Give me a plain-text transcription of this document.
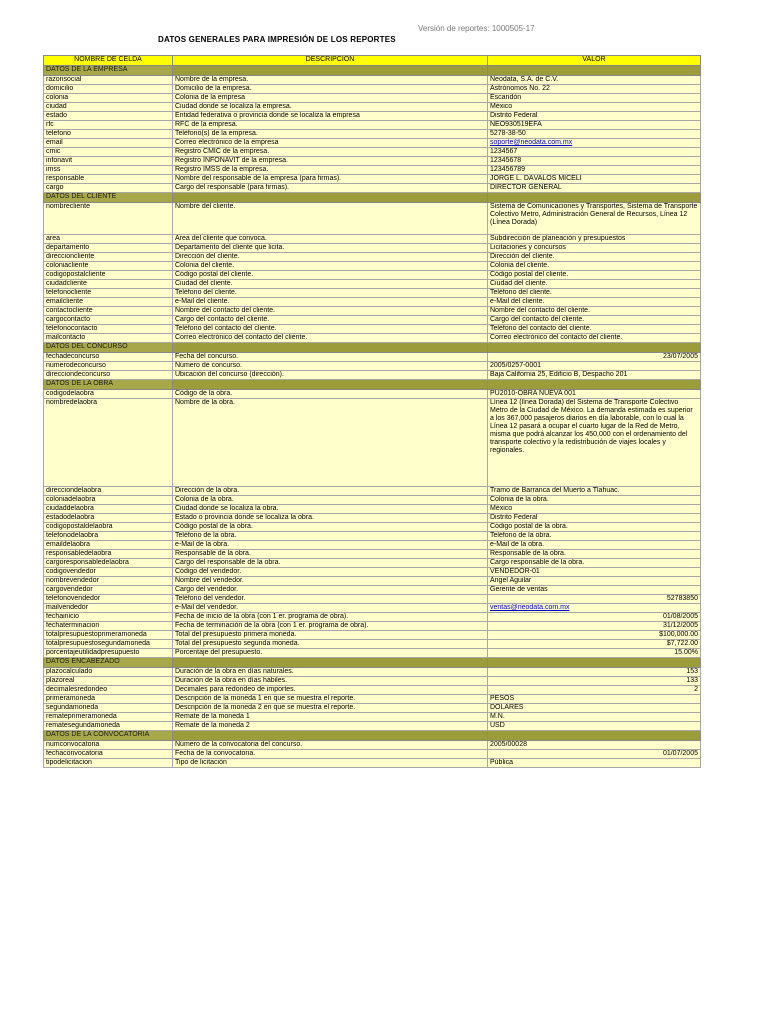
Versión de reportes: 1000505-17
DATOS GENERALES PARA IMPRESIÓN DE LOS REPORTES
NOMBRE DE CELDA	DESCRIPCION	VALOR
DATOS DE LA EMPRESA		
razonsocial	Nombre de la empresa.	Neodata, S.A. de C.V.
domicilio	Domicilio de la empresa.	Astrónomos No. 22
colonia	Colonia de la empresa	Escandón
ciudad	Ciudad donde se localiza la empresa.	México
estado	Entidad federativa o provincia donde se localiza la empresa	Distrito Federal
rfc	RFC de la empresa.	NEO930519EFA
telefono	Teléfono(s) de la empresa.	5278-38-50
email	Correo electrónico de la empresa	soporte@neodata.com.mx
cmic	Registro CMIC de la empresa.	1234567
infonavit	Registro INFONAVIT de la empresa.	12345678
imss	Registro IMSS de la empresa.	123456789
responsable	Nombre del responsable de la empresa (para firmas).	JORGE L. DÁVALOS MICELI
cargo	Cargo del responsable (para firmas).	DIRECTOR GENERAL
DATOS DEL CLIENTE		
nombrecliente	Nombre del cliente.	Sistema de Comunicaciones y Transportes, Sistema de Transporte Colectivo Metro, Administración General de Recursos, Línea 12 (Línea Dorada)
area	Área del cliente que convoca.	Subdirección de planeación y presupuestos
departamento	Departamento del cliente que licita.	Licitaciones y concursos
direccioncliente	Dirección del cliente.	Dirección del cliente.
coloniacliente	Colonia del cliente.	Colonia del cliente.
codigopostalcliente	Código postal del cliente.	Código postal del cliente.
ciudadcliente	Ciudad del cliente.	Ciudad del cliente.
telefonocliente	Teléfono del cliente.	Teléfono del cliente.
emailcliente	e-Mail del cliente.	e-Mail del cliente.
contactocliente	Nombre del contacto del cliente.	Nombre del contacto del cliente.
cargocontacto	Cargo del contacto del cliente.	Cargo del contacto del cliente.
telefonocontacto	Teléfono del contacto del cliente.	Teléfono del contacto del cliente.
mailcontacto	Correo electrónico del contacto del cliente.	Correo electrónico del contacto del cliente.
DATOS DEL CONCURSO		
fechadeconcurso	Fecha del concurso.	23/07/2005
numerodeconcurso	Número de concurso.	2005/0257-0001
direcciondeconcurso	Ubicación del concurso (dirección).	Baja California 25, Edificio B, Despacho 201
DATOS DE LA OBRA		
codigodelaobra	Código de la obra.	PU2010-OBRA NUEVA 001
nombredelaobra	Nombre de la obra.	Línea 12 (línea Dorada) del Sistema de Transporte Colectivo Metro de la Ciudad de México. La demanda estimada es superior a los 367,000 pasajeros diarios en día laborable, con lo cual la Línea 12 pasará a ocupar el cuarto lugar de la Red de Metro, misma que podrá alcanzar los 450,000 con el ordenamiento del transporte colectivo y la redistribución de viajes locales y regionales.
direcciondelaobra	Dirección de la obra.	Tramo de Barranca del Muerto a Tlahuac.
coloniadelaobra	Colonia de la obra.	Colonia de la obra.
ciudaddelaobra	Ciudad donde se localiza la obra.	México
estadodelaobra	Estado o provincia donde se localiza la obra.	Distrito Federal
codigopostaldelaobra	Código postal de la obra.	Código postal de la obra.
telefonodelaobra	Teléfono de la obra.	Teléfono de la obra.
emaildelaobra	e-Mail de la obra.	e-Mail de la obra.
responsabledelaobra	Responsable de la obra.	Responsable de la obra.
cargoresponsabledelaobra	Cargo del responsable de la obra.	Cargo responsable de la obra.
codigovendedor	Código del vendedor.	VENDEDOR-01
nombrevendedor	Nombre del vendedor.	Angel Aguilar
cargovendedor	Cargo del vendedor.	Gerente de ventas
telefonovendedor	Teléfono del vendedor.	52783850
mailvendedor	e-Mail del vendedor.	ventas@neodata.com.mx
fechainicio	Fecha de inicio de la obra (con 1 er. programa de obra).	01/08/2005
fechaterminacion	Fecha de terminación de la obra (con 1 er. programa de obra).	31/12/2005
totalpresupuestoprimeramoneda	Total del presupuesto primera moneda.	$100,000.00
totalpresupuestosegundamoneda	Total del presupuesto segunda moneda.	$7,722.00
porcentajeutilidadpresupuesto	Porcentaje del presupuesto.	15.00%
DATOS ENCABEZADO		
plazocalculado	Duración de la obra en días naturales.	153
plazoreal	Duración de la obra en días hábiles.	133
decimalesredondeo	Decimales para redondeo de importes.	2
primeramoneda	Descripción de la moneda 1 en que se muestra el reporte.	PESOS
segundamoneda	Descripción de la moneda 2 en que se muestra el reporte.	DÓLARES
remateprimeramoneda	Remate de la moneda 1	M.N.
rematesegundamoneda	Remate de la moneda 2	USD
DATOS DE LA CONVOCATORIA		
numconvocatoria	Número de la convocatoria del concurso.	2005/00028
fechaconvocatoria	Fecha de la convocatoria.	01/07/2005
tipodelicitacion	Tipo de licitación	Pública
